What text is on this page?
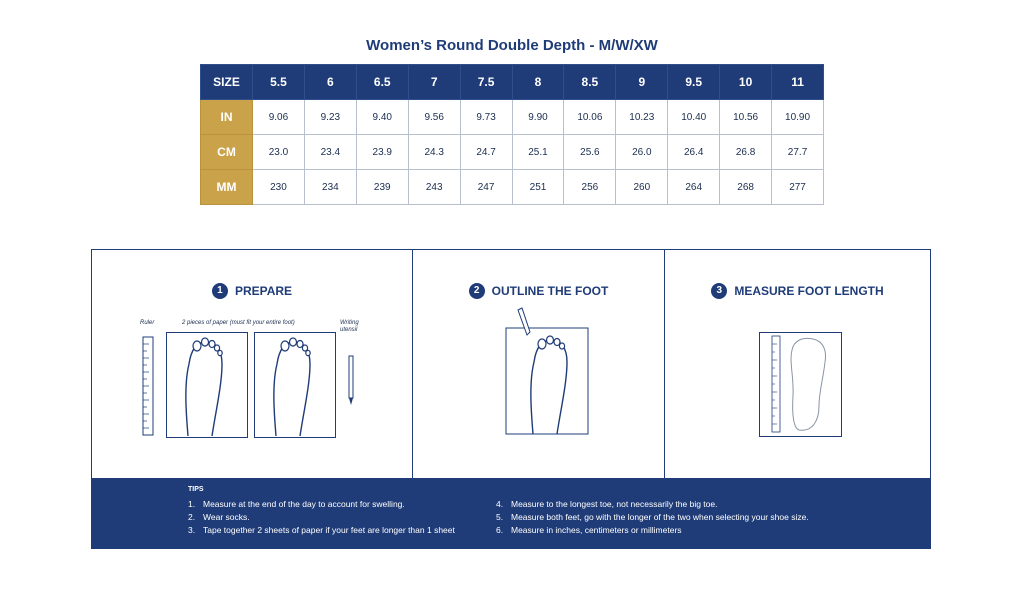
Women’s Round Double Depth - M/W/XW
SIZE	5.5	6	6.5	7	7.5	8	8.5	9	9.5	10	11
IN	9.06	9.23	9.40	9.56	9.73	9.90	10.06	10.23	10.40	10.56	10.90
CM	23.0	23.4	23.9	24.3	24.7	25.1	25.6	26.0	26.4	26.8	27.7
MM	230	234	239	243	247	251	256	260	264	268	277
1	PREPARE
Ruler	2 pieces of paper (must fit your entire foot)	Writing
utensil
2	OUTLINE THE FOOT	3	MEASURE FOOT LENGTH
TIPS
1. Measure at the end of the day to account for swelling.
2. Wear socks.
3. Tape together 2 sheets of paper if your feet are longer than 1 sheet
4. Measure to the longest toe, not necessarily the big toe.
5. Measure both feet, go with the longer of the two when selecting your shoe size.
6. Measure in inches, centimeters or millimeters
